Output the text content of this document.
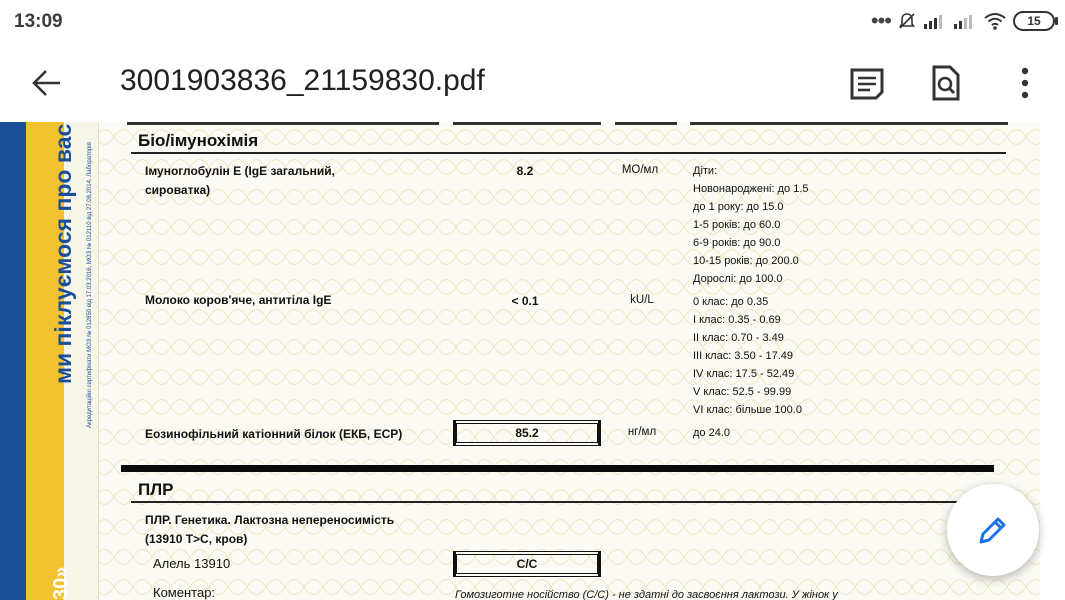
13:09	•••	15
3001903836_21159830.pdf
ми піклуємося про вас Акредитаційні сертифікати МОЗ № 012850 від 17.03.2016, МОЗ № 012110 від 27.08.2014. Лабораторія
30»
Біо/імунохімія
Імуноглобулін Е (IgE загальний, сироватка)
8.2	МО/мл	Діти:
Новонароджені: до 1.5
до 1 року: до 15.0
1-5 років: до 60.0
6-9 років: до 90.0
10-15 років: до 200.0
Дорослі: до 100.0
Молоко коров'яче, антитіла IgE	< 0.1	kU/L	0 клас: до 0.35
I клас: 0.35 - 0.69
II клас: 0.70 - 3.49
III клас: 3.50 - 17.49
IV клас: 17.5 - 52.49
V клас: 52.5 - 99.99
VI клас: більше 100.0
Еозинофільний катіонний білок (ЕКБ, ECP)	85.2	нг/мл	до 24.0
ПЛР
ПЛР. Генетика. Лактозна непереносимість (13910 T>C, кров)
Алель 13910	C/C
Коментар:	Гомозиготне носійство (C/C) - не здатні до засвоєння лактози. У жінок у
